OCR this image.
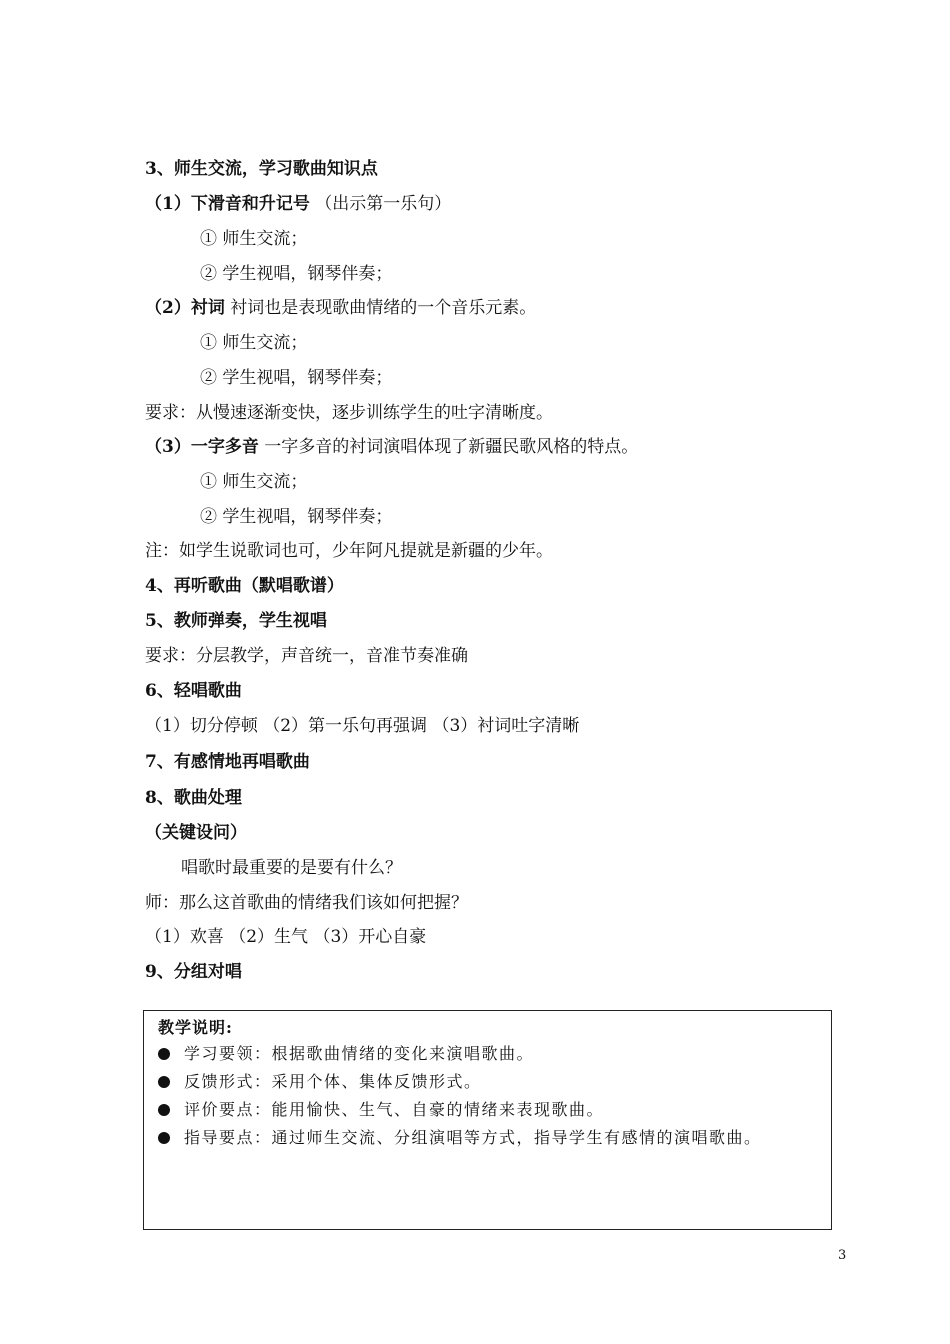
3、师生交流，学习歌曲知识点
（1）下滑音和升记号 （出示第一乐句）
① 师生交流；
② 学生视唱，钢琴伴奏；
（2）衬词 衬词也是表现歌曲情绪的一个音乐元素。
① 师生交流；
② 学生视唱，钢琴伴奏；
要求：从慢速逐渐变快，逐步训练学生的吐字清晰度。
（3）一字多音 一字多音的衬词演唱体现了新疆民歌风格的特点。
① 师生交流；
② 学生视唱，钢琴伴奏；
注：如学生说歌词也可，少年阿凡提就是新疆的少年。
4、再听歌曲（默唱歌谱）
5、教师弹奏，学生视唱
要求：分层教学，声音统一，音准节奏准确
6、轻唱歌曲
（1）切分停顿 （2）第一乐句再强调 （3）衬词吐字清晰
7、有感情地再唱歌曲
8、歌曲处理
（关键设问）
唱歌时最重要的是要有什么？
师：那么这首歌曲的情绪我们该如何把握？
（1）欢喜 （2）生气 （3）开心自豪
9、分组对唱
教学说明:
学习要领：根据歌曲情绪的变化来演唱歌曲。
反馈形式：采用个体、集体反馈形式。
评价要点：能用愉快、生气、自豪的情绪来表现歌曲。
指导要点：通过师生交流、分组演唱等方式，指导学生有感情的演唱歌曲。
3
